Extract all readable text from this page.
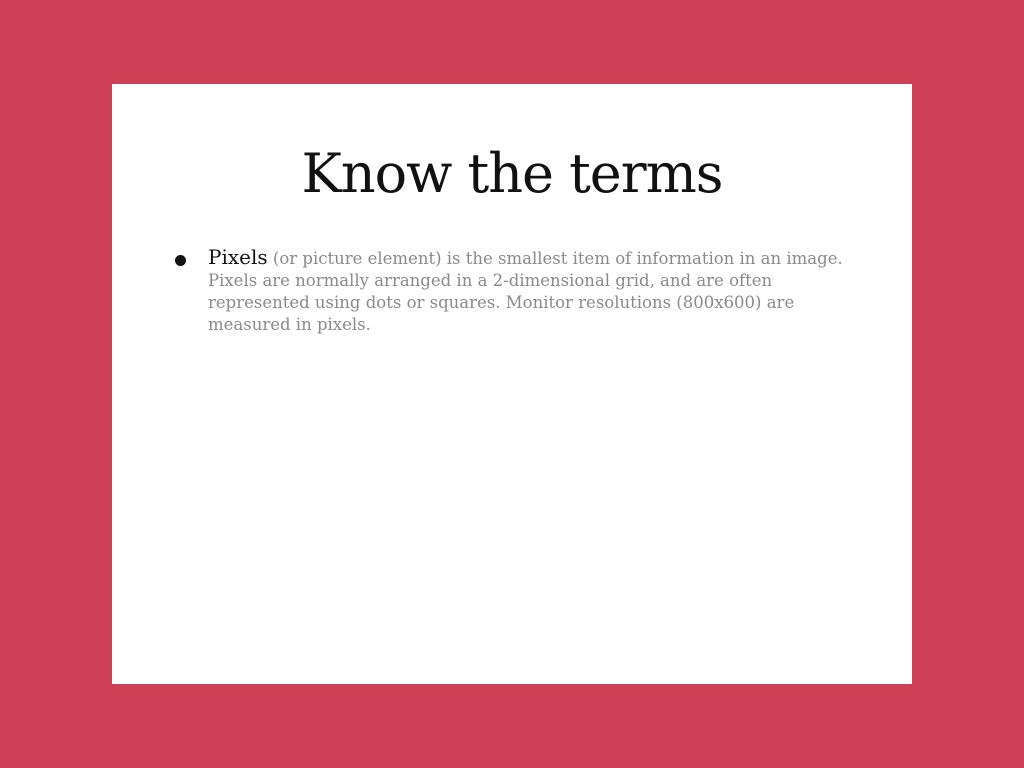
Know the terms
Pixels (or picture element) is the smallest item of information in an image. Pixels are normally arranged in a 2-dimensional grid, and are often represented using dots or squares. Monitor resolutions (800x600) are measured in pixels.
